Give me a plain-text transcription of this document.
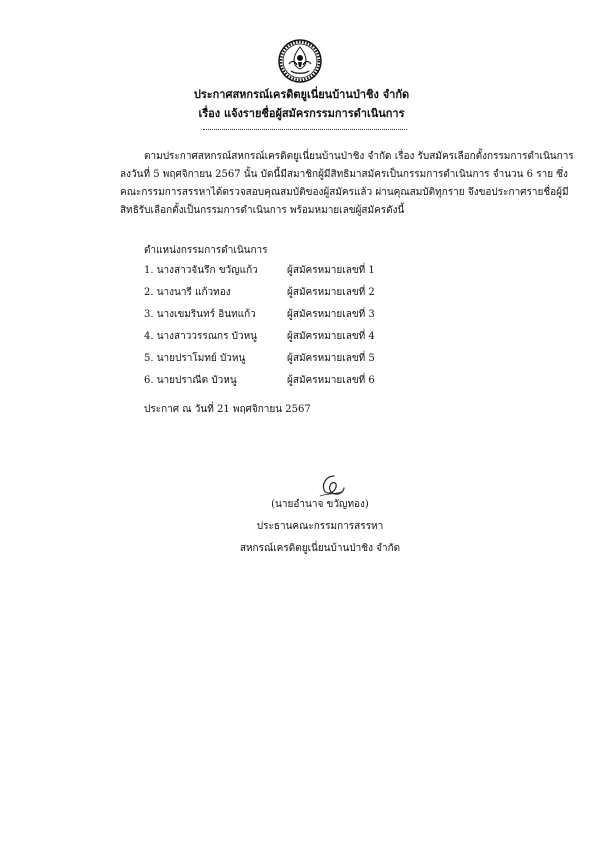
ประกาศสหกรณ์เครดิตยูเนี่ยนบ้านป่าชิง จำกัด
เรื่อง แจ้งรายชื่อผู้สมัครกรรมการดำเนินการ
ตามประกาศสหกรณ์สหกรณ์เครดิตยูเนี่ยนบ้านป่าชิง จำกัด เรื่อง รับสมัครเลือกตั้งกรรมการดำเนินการ
ลงวันที่ 5 พฤศจิกายน 2567 นั้น บัดนี้มีสมาชิกผู้มีสิทธิมาสมัครเป็นกรรมการดำเนินการ จำนวน 6 ราย ซึ่ง
คณะกรรมการสรรหาได้ตรวจสอบคุณสมบัติของผู้สมัครแล้ว ผ่านคุณสมบัติทุกราย จึงขอประกาศรายชื่อผู้มี
สิทธิรับเลือกตั้งเป็นกรรมการดำเนินการ พร้อมหมายเลขผู้สมัครดังนี้
ตำแหน่งกรรมการดำเนินการ
1. นางสาวจันรึก ขวัญแก้ว	ผู้สมัครหมายเลขที่ 1
2. นางนารี แก้วทอง	ผู้สมัครหมายเลขที่ 2
3. นางเขมรินทร์ อินทแก้ว	ผู้สมัครหมายเลขที่ 3
4. นางสาววรรณกร บัวหนู	ผู้สมัครหมายเลขที่ 4
5. นายปราโมทย์ บัวหนู	ผู้สมัครหมายเลขที่ 5
6. นายปราณีต บัวหนู	ผู้สมัครหมายเลขที่ 6
ประกาศ ณ วันที่ 21 พฤศจิกายน 2567
(นายอำนาจ ขวัญทอง)
ประธานคณะกรรมการสรรหา
สหกรณ์เครดิตยูเนี่ยนบ้านป่าชิง จำกัด
